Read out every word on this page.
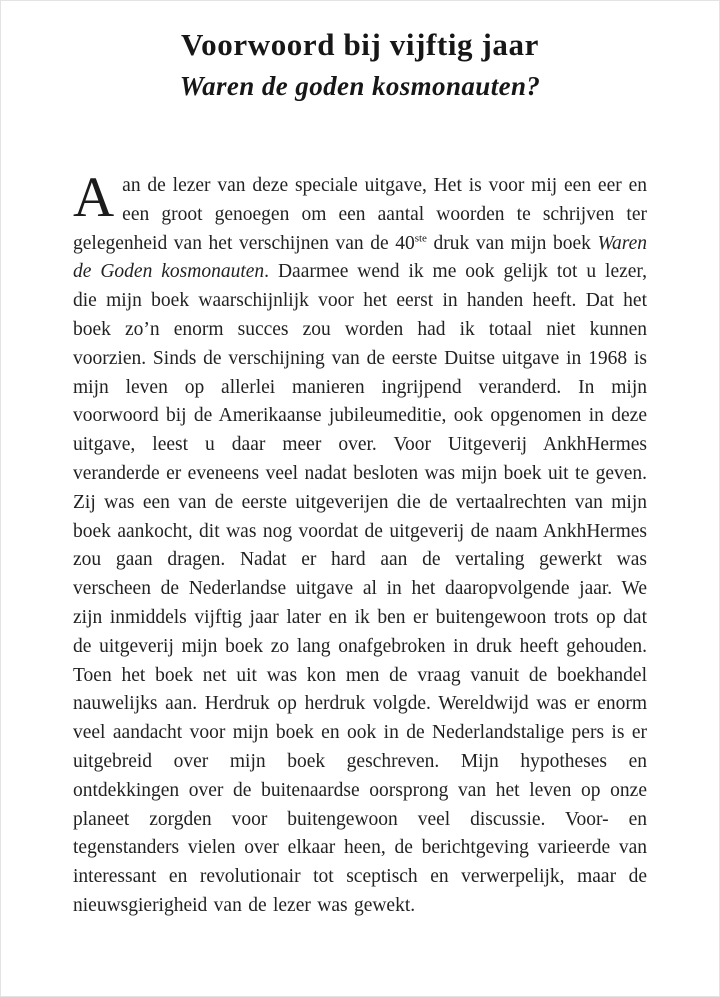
Voorwoord bij vijftig jaar
Waren de goden kosmonauten?

Aan de lezer van deze speciale uitgave, Het is voor mij een eer en een groot genoegen om een aantal woorden te schrijven ter gelegenheid van het verschijnen van de 40ste druk van mijn boek Waren de Goden kosmonauten. Daarmee wend ik me ook gelijk tot u lezer, die mijn boek waarschijnlijk voor het eerst in handen heeft. Dat het boek zo’n enorm succes zou worden had ik totaal niet kunnen voorzien. Sinds de verschijning van de eerste Duitse uitgave in 1968 is mijn leven op allerlei manieren ingrijpend veranderd. In mijn voorwoord bij de Amerikaanse jubileumeditie, ook opgenomen in deze uitgave, leest u daar meer over. Voor Uitgeverij AnkhHermes veranderde er eveneens veel nadat besloten was mijn boek uit te geven. Zij was een van de eerste uitgeverijen die de vertaalrechten van mijn boek aankocht, dit was nog voordat de uitgeverij de naam AnkhHermes zou gaan dragen. Nadat er hard aan de vertaling gewerkt was verscheen de Nederlandse uitgave al in het daaropvolgende jaar. We zijn inmiddels vijftig jaar later en ik ben er buitengewoon trots op dat de uitgeverij mijn boek zo lang onafgebroken in druk heeft gehouden. Toen het boek net uit was kon men de vraag vanuit de boekhandel nauwelijks aan. Herdruk op herdruk volgde. Wereldwijd was er enorm veel aandacht voor mijn boek en ook in de Nederlandstalige pers is er uitgebreid over mijn boek geschreven. Mijn hypotheses en ontdekkingen over de buitenaardse oorsprong van het leven op onze planeet zorgden voor buitengewoon veel discussie. Voor- en tegenstanders vielen over elkaar heen, de berichtgeving varieerde van interessant en revolutionair tot sceptisch en verwerpelijk, maar de nieuwsgierigheid van de lezer was gewekt.
